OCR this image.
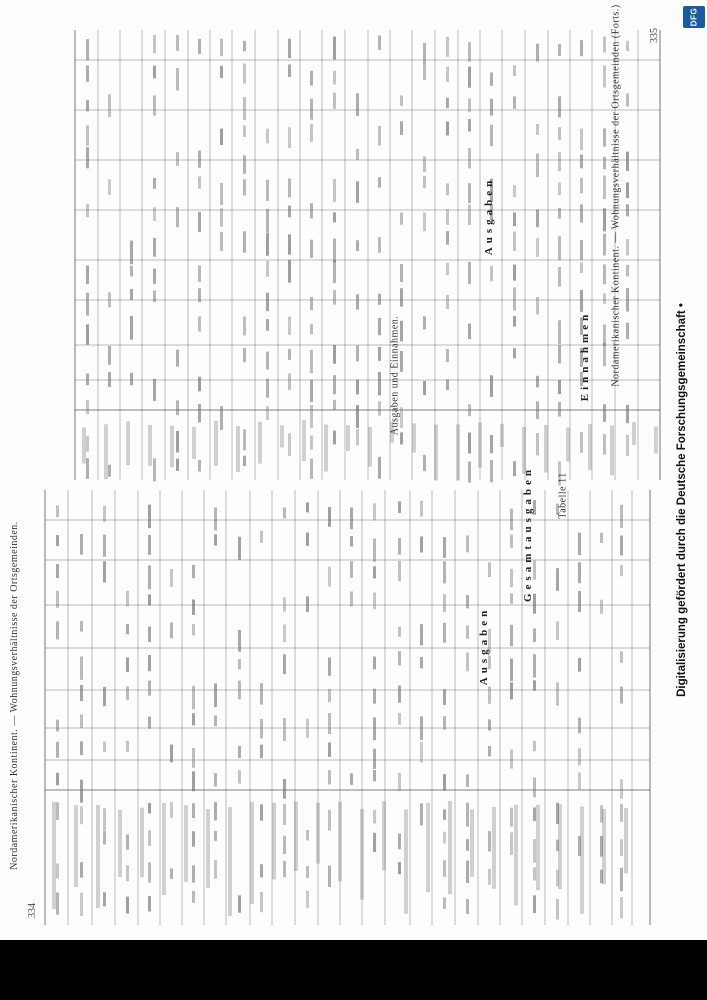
334
Nordamerikanischer Kontinent. — Wohnungsverhältnisse der Ortsgemeinden.
Tabelle 11
Ausgaben
Gesamtausgaben
335
Nordamerikanischer Kontinent. — Wohnungsverhältnisse der Ortsgemeinden (Forts.)
Ausgaben und Einnahmen.
Ausgaben
Einnahmen	Digitalisierung gefördert durch die Deutsche Forschungsgemeinschaft •
DFG
